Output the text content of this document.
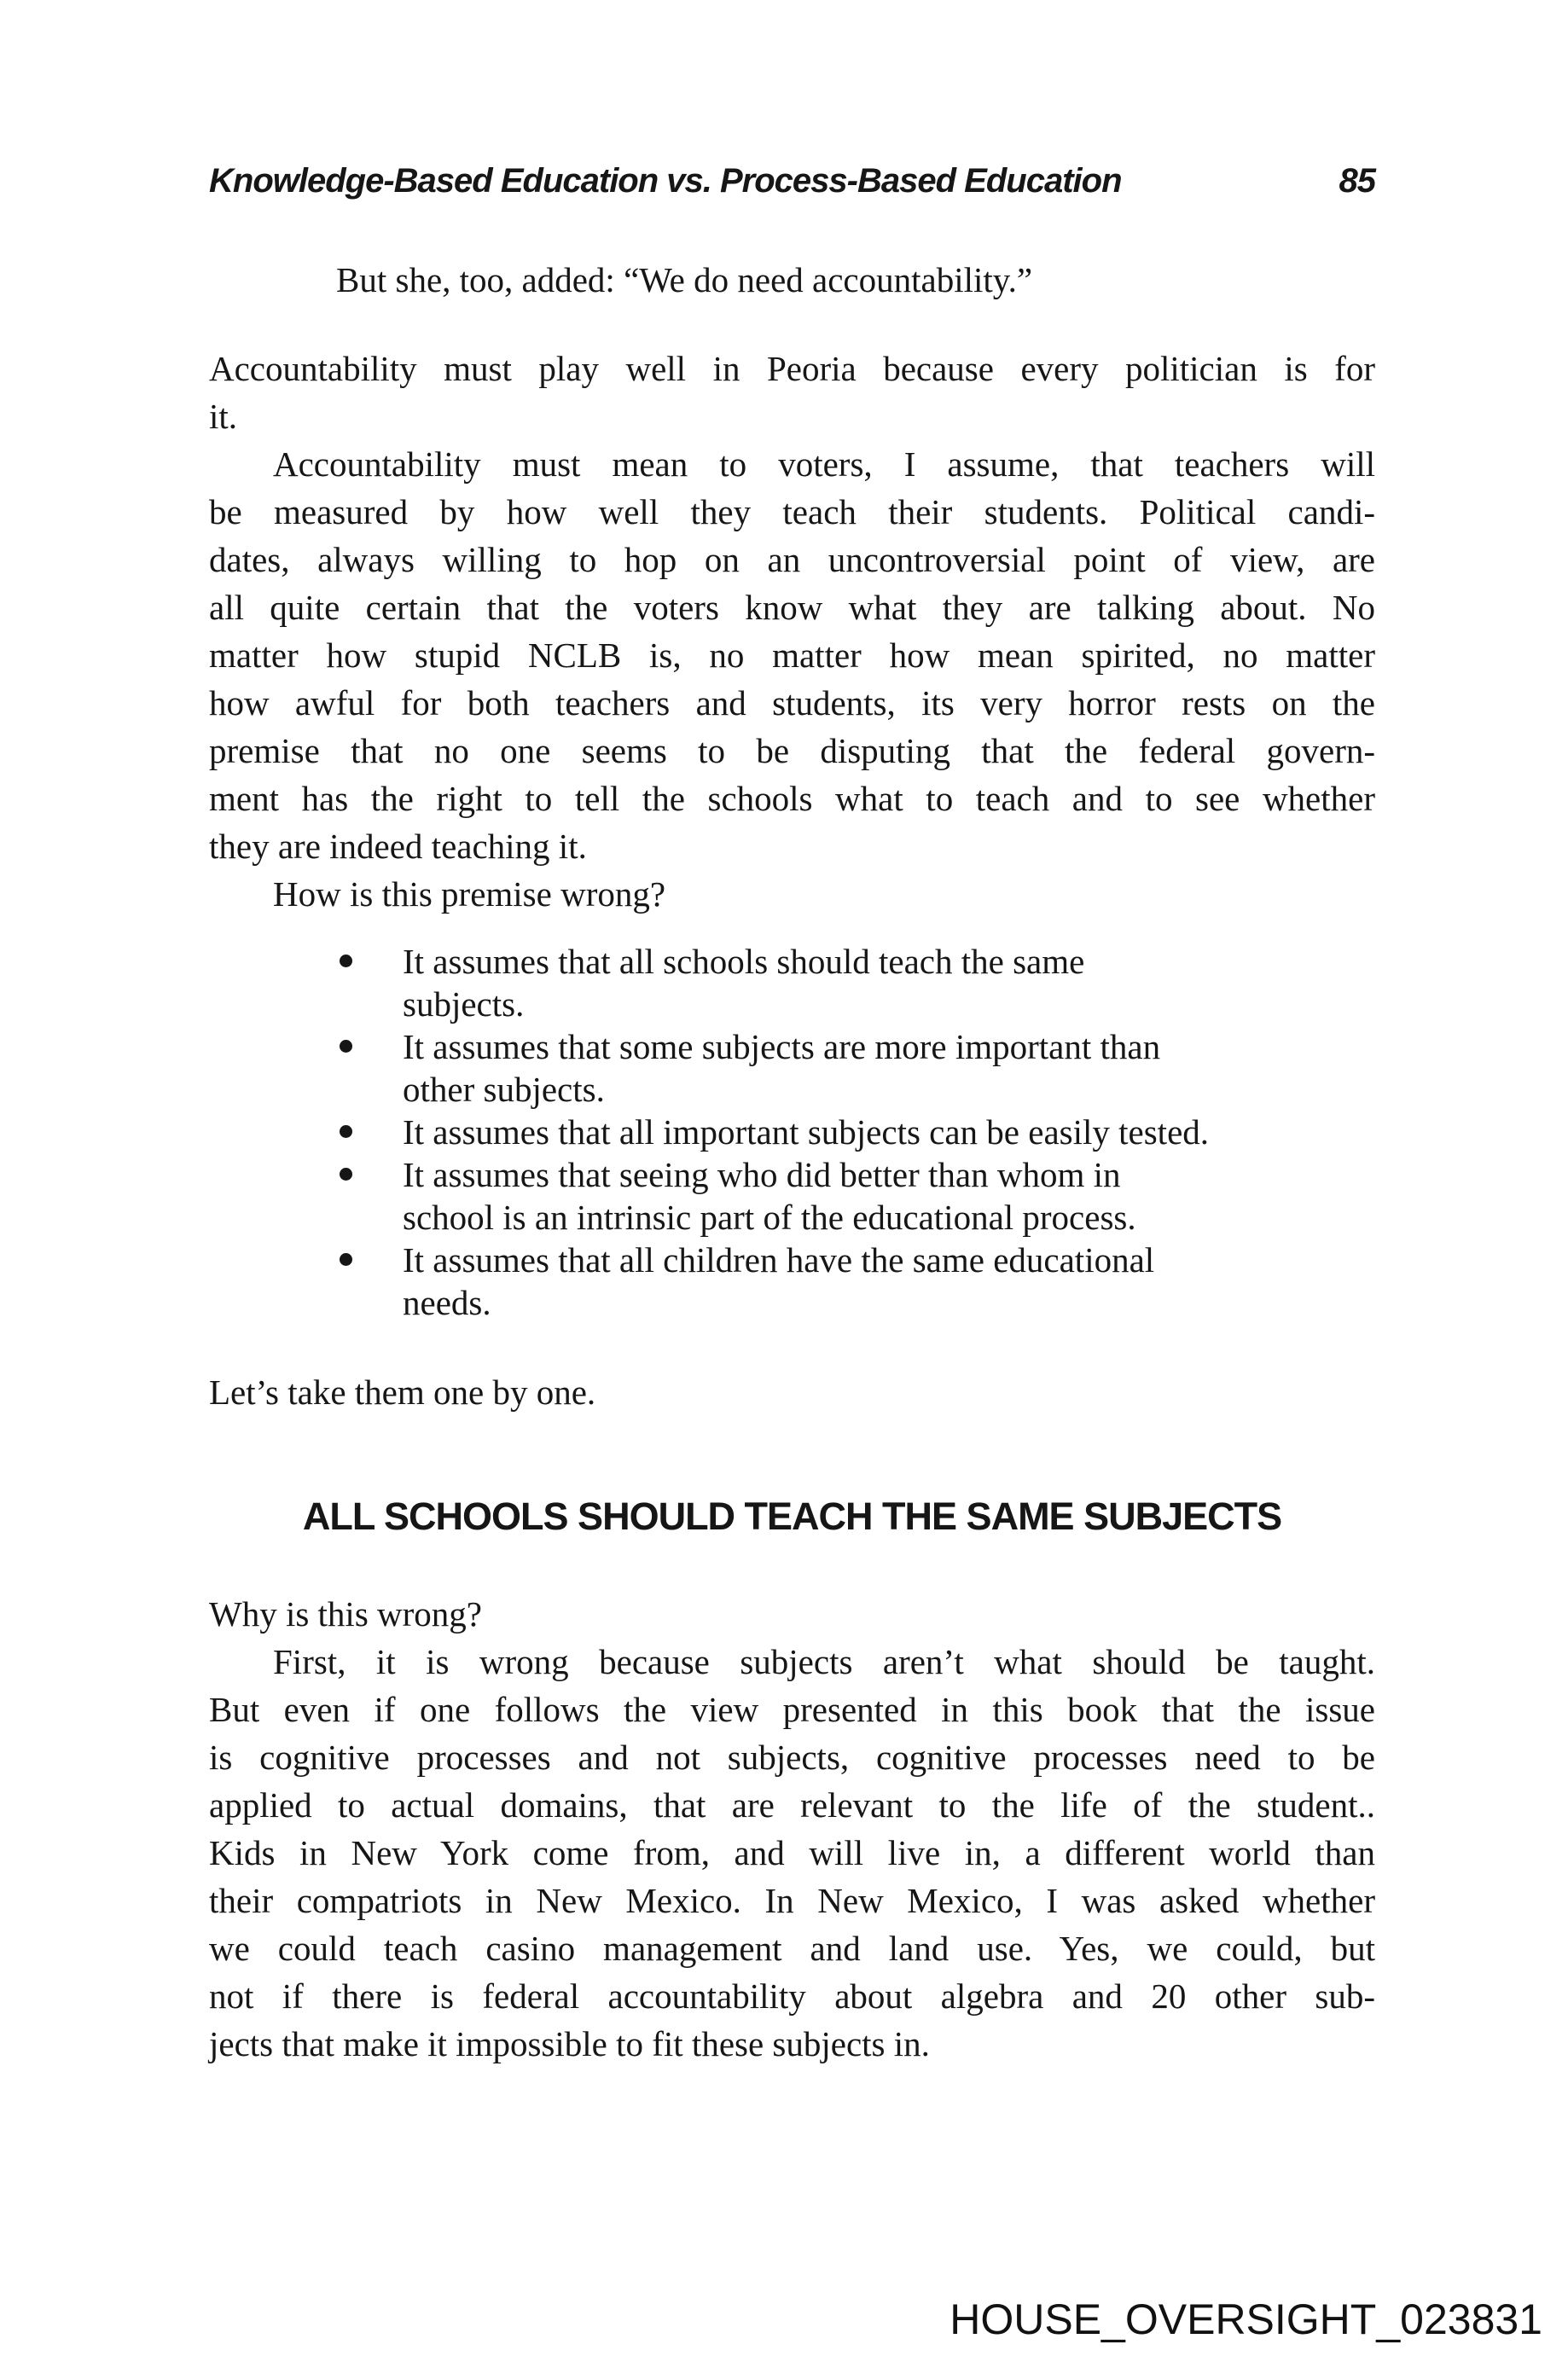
Knowledge-Based Education vs. Process-Based Education	85
But she, too, added: “We do need accountability.”
Accountability must play well in Peoria because every politician is for
it.
Accountability must mean to voters, I assume, that teachers will
be measured by how well they teach their students. Political candi-
dates, always willing to hop on an uncontroversial point of view, are
all quite certain that the voters know what they are talking about. No
matter how stupid NCLB is, no matter how mean spirited, no matter
how awful for both teachers and students, its very horror rests on the
premise that no one seems to be disputing that the federal govern-
ment has the right to tell the schools what to teach and to see whether
they are indeed teaching it.
How is this premise wrong?
It assumes that all schools should teach the same
subjects.
It assumes that some subjects are more important than
other subjects.
It assumes that all important subjects can be easily tested.
It assumes that seeing who did better than whom in
school is an intrinsic part of the educational process.
It assumes that all children have the same educational
needs.
Let’s take them one by one.
ALL SCHOOLS SHOULD TEACH THE SAME SUBJECTS
Why is this wrong?
First, it is wrong because subjects aren’t what should be taught.
But even if one follows the view presented in this book that the issue
is cognitive processes and not subjects, cognitive processes need to be
applied to actual domains, that are relevant to the life of the student..
Kids in New York come from, and will live in, a different world than
their compatriots in New Mexico. In New Mexico, I was asked whether
we could teach casino management and land use. Yes, we could, but
not if there is federal accountability about algebra and 20 other sub-
jects that make it impossible to fit these subjects in.
HOUSE_OVERSIGHT_023831
